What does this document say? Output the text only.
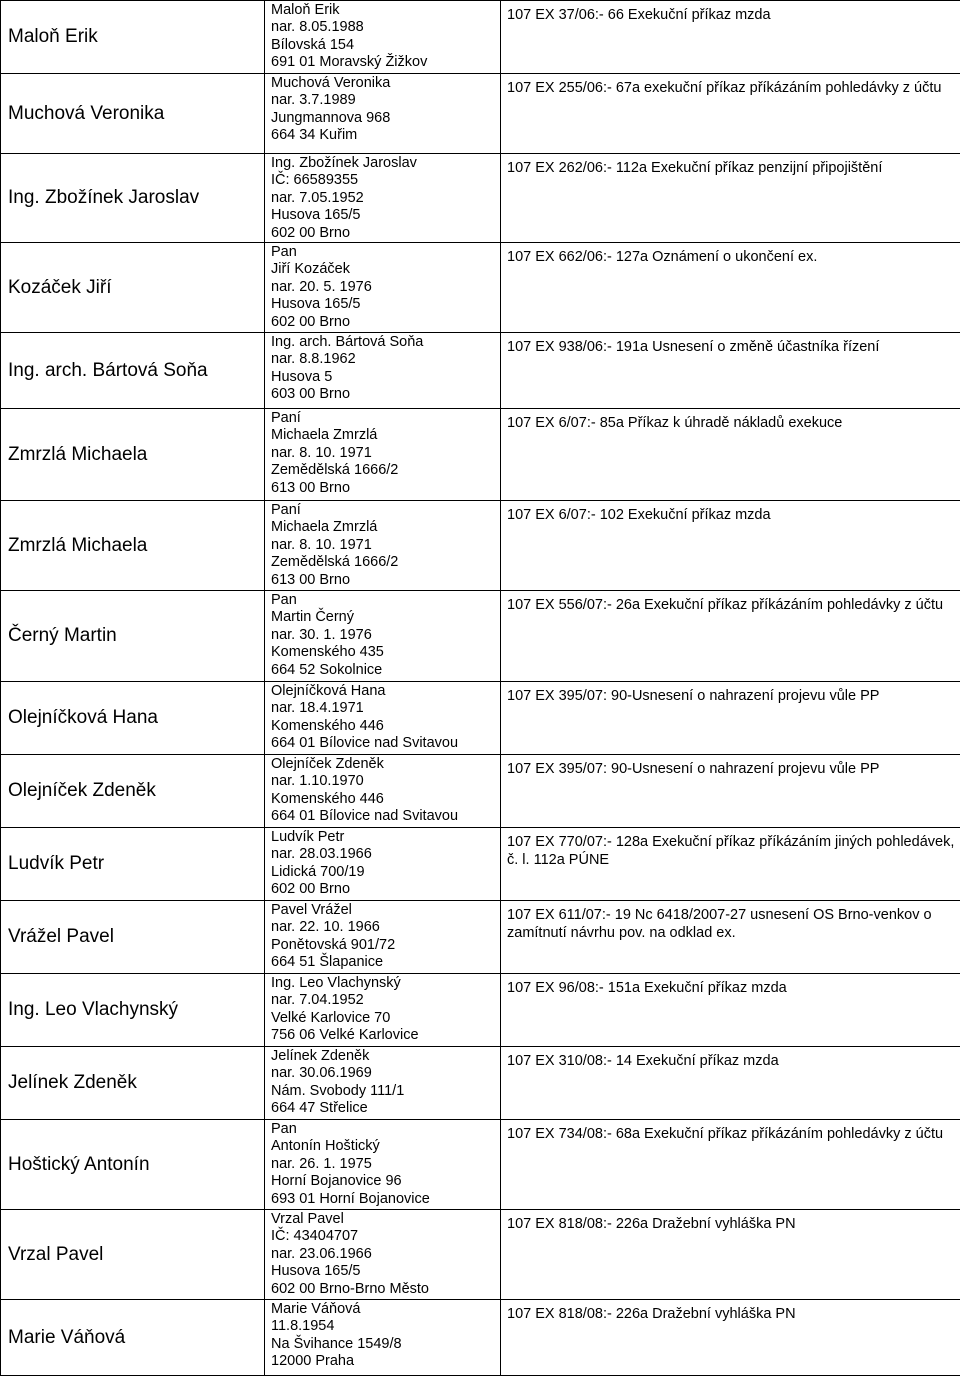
Maloň Erik	Maloň Erik
nar. 8.05.1988
Bílovská 154
691 01 Moravský Žižkov	107 EX 37/06:- 66 Exekuční příkaz mzda
Muchová Veronika	Muchová Veronika
nar. 3.7.1989
Jungmannova 968
664 34 Kuřim	107 EX 255/06:- 67a exekuční příkaz příkázáním pohledávky z účtu
Ing. Zbožínek Jaroslav	Ing. Zbožínek Jaroslav
IČ: 66589355
nar. 7.05.1952
Husova 165/5
602 00 Brno	107 EX 262/06:- 112a Exekuční příkaz penzijní připojištění
Kozáček Jiří	Pan
Jiří Kozáček
nar. 20. 5. 1976
Husova 165/5
602 00 Brno	107 EX 662/06:- 127a Oznámení o ukončení ex.
Ing. arch. Bártová Soňa	Ing. arch. Bártová Soňa
nar. 8.8.1962
Husova 5
603 00 Brno	107 EX 938/06:- 191a Usnesení o změně účastníka řízení
Zmrzlá Michaela	Paní
Michaela Zmrzlá
nar. 8. 10. 1971
Zemědělská 1666/2
613 00 Brno	107 EX 6/07:- 85a Příkaz k úhradě nákladů exekuce
Zmrzlá Michaela	Paní
Michaela Zmrzlá
nar. 8. 10. 1971
Zemědělská 1666/2
613 00 Brno	107 EX 6/07:- 102 Exekuční příkaz mzda
Černý Martin	Pan
Martin Černý
nar. 30. 1. 1976
Komenského 435
664 52 Sokolnice	107 EX 556/07:- 26a Exekuční příkaz příkázáním pohledávky z účtu
Olejníčková Hana	Olejníčková Hana
nar. 18.4.1971
Komenského 446
664 01 Bílovice nad Svitavou	107 EX 395/07: 90-Usnesení o nahrazení projevu vůle PP
Olejníček Zdeněk	Olejníček Zdeněk
nar. 1.10.1970
Komenského 446
664 01 Bílovice nad Svitavou	107 EX 395/07: 90-Usnesení o nahrazení projevu vůle PP
Ludvík Petr	Ludvík Petr
nar. 28.03.1966
Lidická 700/19
602 00 Brno	107 EX 770/07:- 128a Exekuční příkaz příkázáním jiných pohledávek, č. l. 112a PÚNE
Vrážel Pavel	Pavel Vrážel
nar. 22. 10. 1966
Ponětovská 901/72
664 51 Šlapanice	107 EX 611/07:- 19 Nc 6418/2007-27 usnesení OS Brno-venkov o zamítnutí návrhu pov. na odklad ex.
Ing. Leo Vlachynský	Ing. Leo Vlachynský
nar. 7.04.1952
Velké Karlovice 70
756 06 Velké Karlovice	107 EX 96/08:- 151a Exekuční příkaz mzda
Jelínek Zdeněk	Jelínek Zdeněk
nar. 30.06.1969
Nám. Svobody 111/1
664 47 Střelice	107 EX 310/08:- 14 Exekuční příkaz mzda
Hoštický Antonín	Pan
Antonín Hoštický
nar. 26. 1. 1975
Horní Bojanovice 96
693 01 Horní Bojanovice	107 EX 734/08:- 68a Exekuční příkaz příkázáním pohledávky z účtu
Vrzal Pavel	Vrzal Pavel
IČ: 43404707
nar. 23.06.1966
Husova 165/5
602 00 Brno-Brno Město	107 EX 818/08:- 226a Dražební vyhláška PN
Marie Váňová	Marie Váňová
11.8.1954
Na Švihance 1549/8
12000 Praha	107 EX 818/08:- 226a Dražební vyhláška PN
